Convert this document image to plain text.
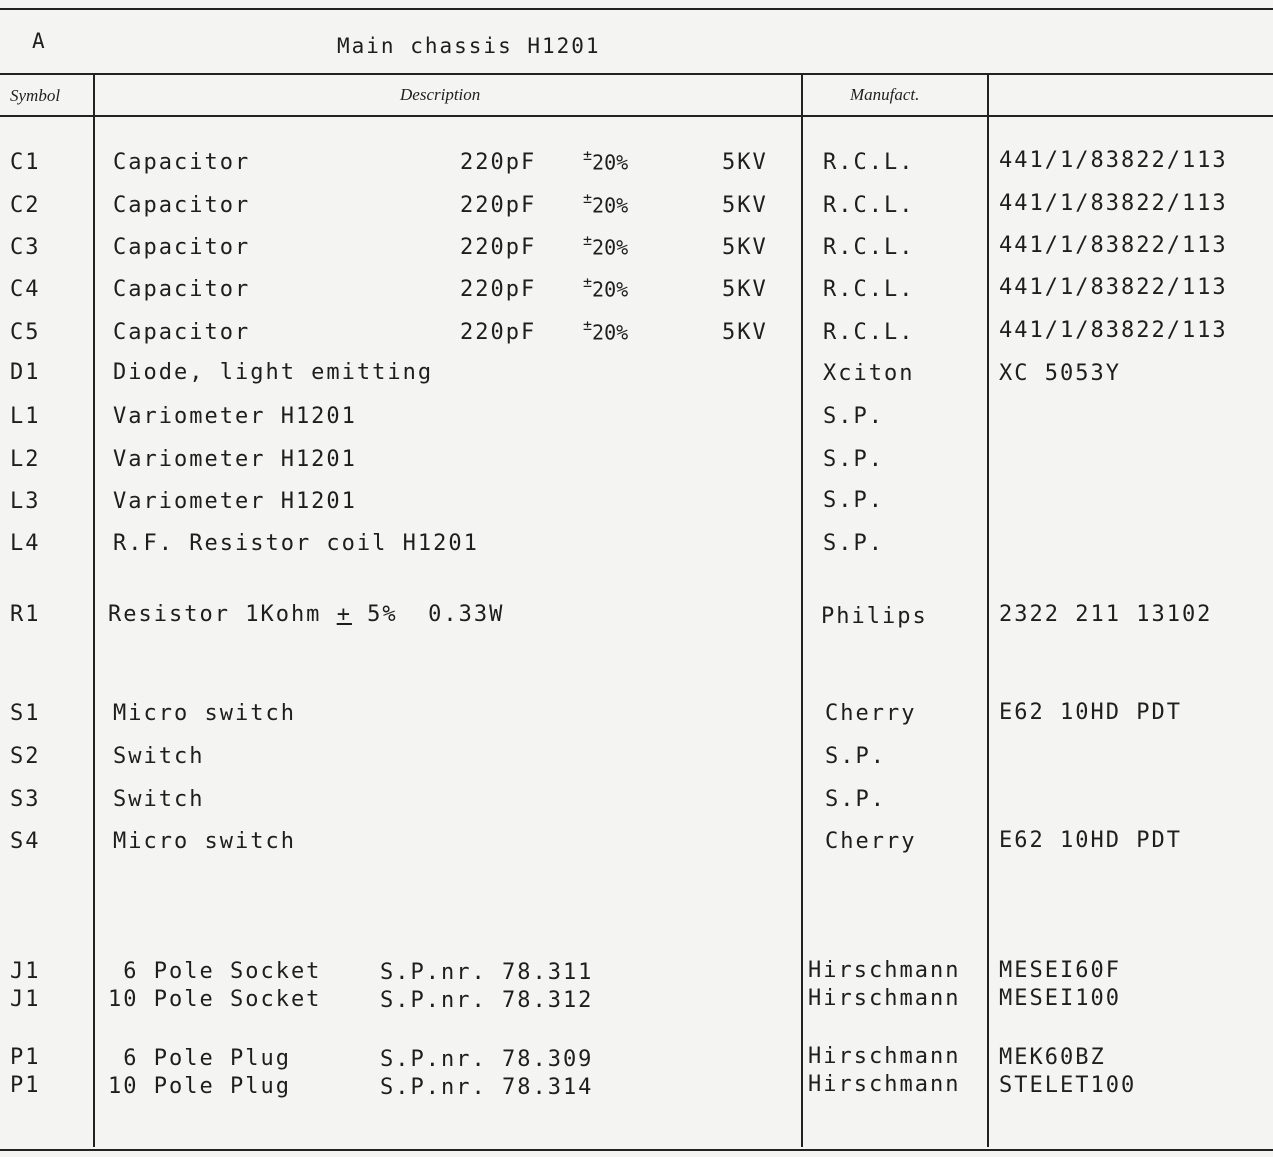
A	Main chassis H1201
Symbol	Description	Manufact.
C1	Capacitor	220pF	±20%	5KV	R.C.L.	441/1/83822/113
C2	Capacitor	220pF	±20%	5KV	R.C.L.	441/1/83822/113
C3	Capacitor	220pF	±20%	5KV	R.C.L.	441/1/83822/113
C4	Capacitor	220pF	±20%	5KV	R.C.L.	441/1/83822/113
C5	Capacitor	220pF	±20%	5KV	R.C.L.	441/1/83822/113
D1	Diode, light emitting	Xciton	XC 5053Y
L1	Variometer H1201	S.P.
L2	Variometer H1201	S.P.
L3	Variometer H1201	S.P.
L4	R.F. Resistor coil H1201	S.P.
R1	Resistor 1Kohm + 5%  0.33W	Philips	2322 211 13102
S1	Micro switch	Cherry	E62 10HD PDT
S2	Switch	S.P.
S3	Switch	S.P.
S4	Micro switch	Cherry	E62 10HD PDT
J1	6 Pole Socket	S.P.nr. 78.311	Hirschmann MESEI60F
J1	10 Pole Socket	S.P.nr. 78.312	Hirschmann MESEI100
P1	6 Pole Plug	S.P.nr. 78.309	Hirschmann MEK60BZ
P1	10 Pole Plug	S.P.nr. 78.314	Hirschmann STELET100
